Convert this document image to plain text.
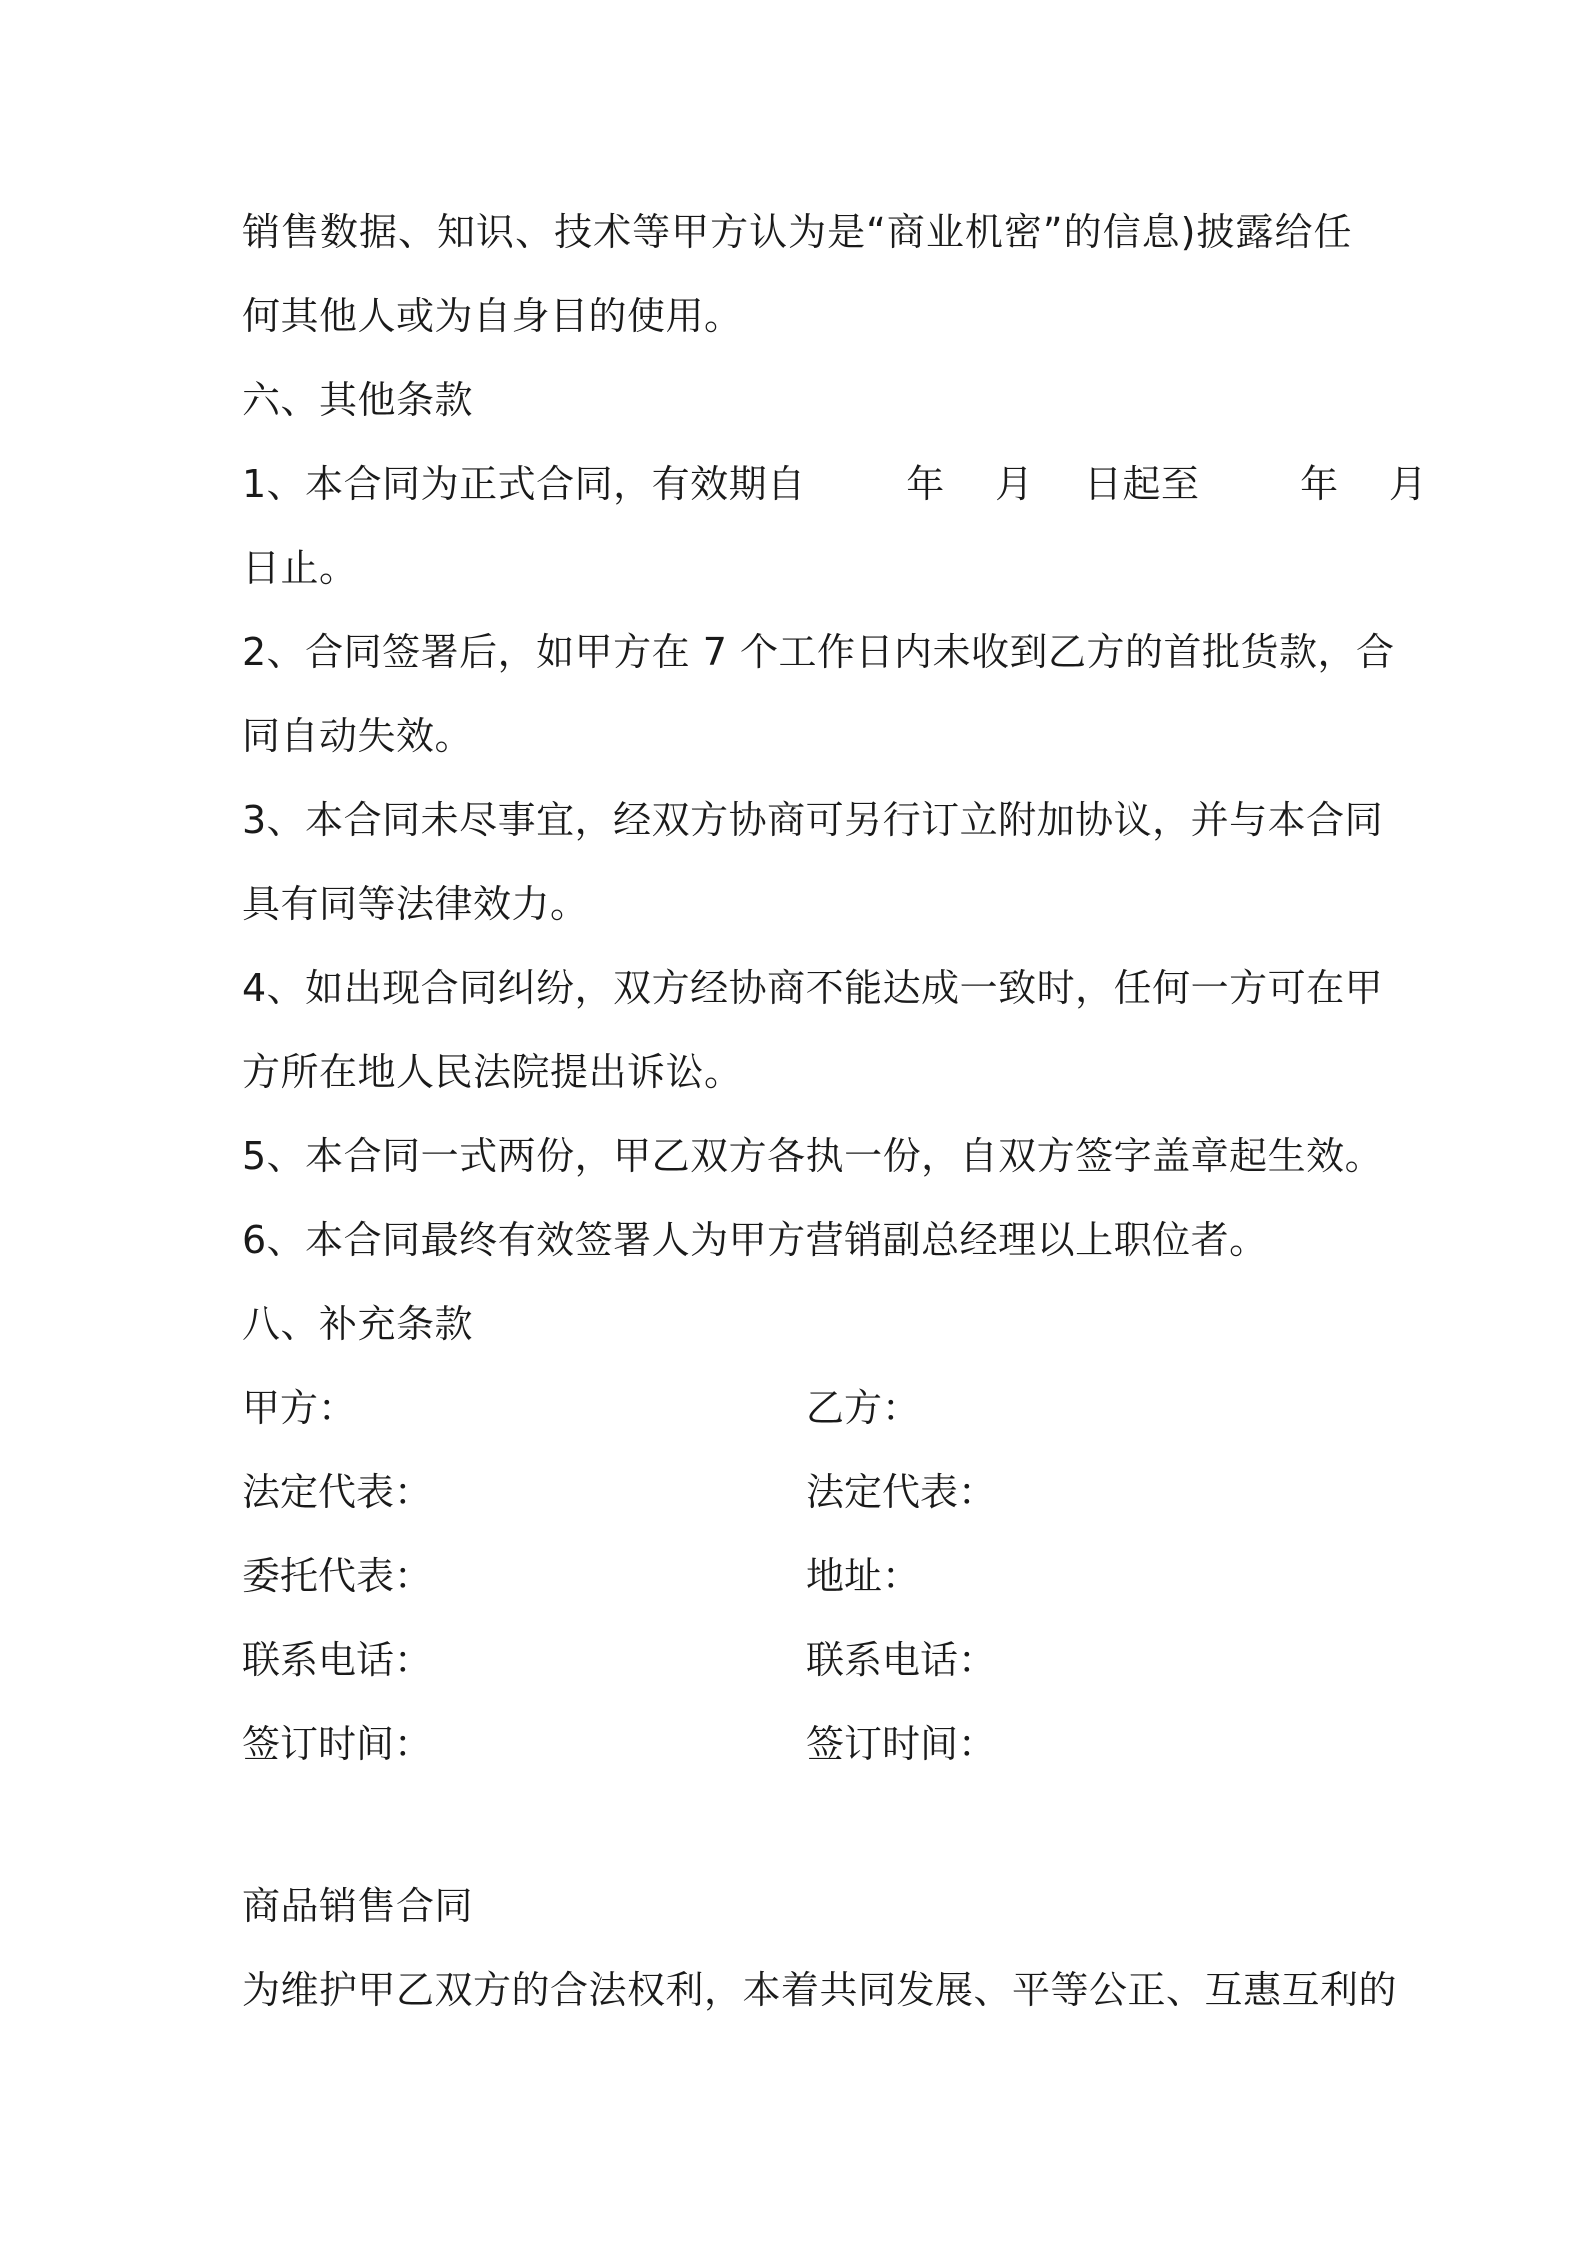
销售数据、知识、技术等甲方认为是“商业机密”的信息)披露给任
何其他人或为自身目的使用。
六、其他条款
1、本合同为正式合同，有效期自        年    月    日起至        年    月
日止。
2、合同签署后，如甲方在 7 个工作日内未收到乙方的首批货款，合
同自动失效。
3、本合同未尽事宜，经双方协商可另行订立附加协议，并与本合同
具有同等法律效力。
4、如出现合同纠纷，双方经协商不能达成一致时，任何一方可在甲
方所在地人民法院提出诉讼。
5、本合同一式两份，甲乙双方各执一份，自双方签字盖章起生效。
6、本合同最终有效签署人为甲方营销副总经理以上职位者。
八、补充条款
甲方：	乙方：
法定代表：	法定代表：
委托代表：	地址：
联系电话：	联系电话：
签订时间：	签订时间：
商品销售合同
为维护甲乙双方的合法权利，本着共同发展、平等公正、互惠互利的
